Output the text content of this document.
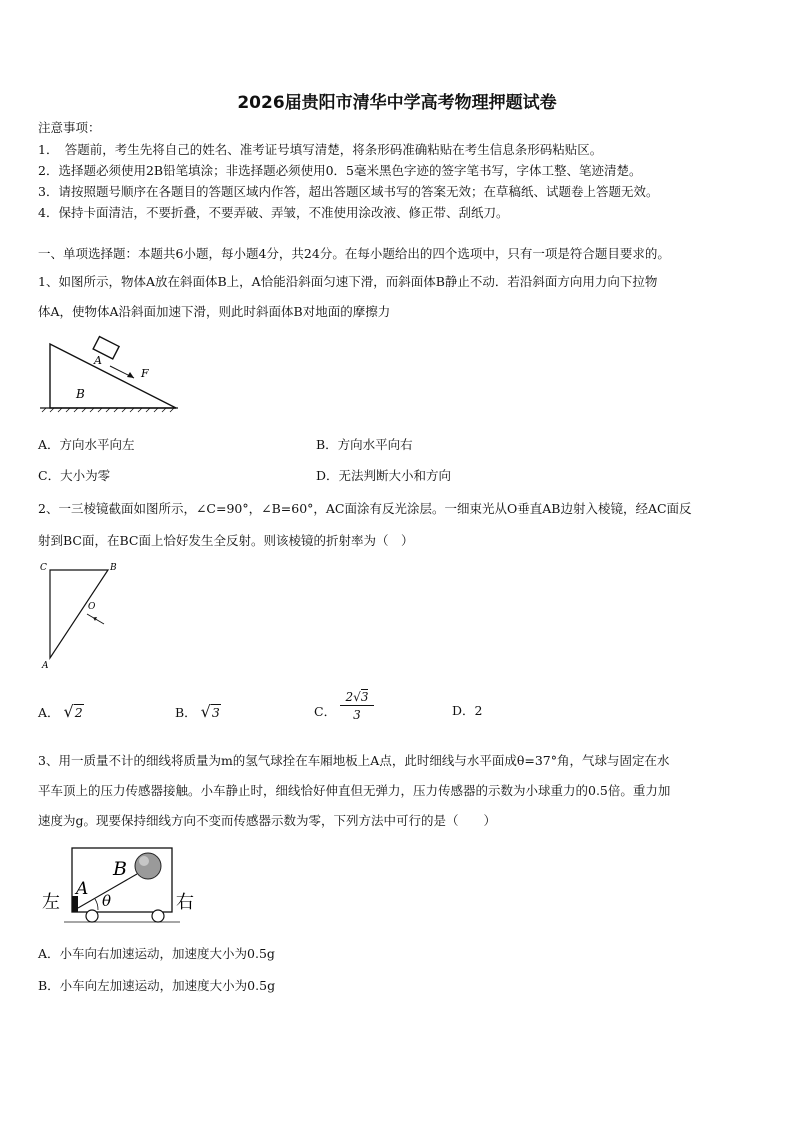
2026届贵阳市清华中学高考物理押题试卷
注意事项：
1．　答题前，考生先将自己的姓名、准考证号填写清楚，将条形码准确粘贴在考生信息条形码粘贴区。
2．选择题必须使用2B铅笔填涂；非选择题必须使用0．5毫米黑色字迹的签字笔书写，字体工整、笔迹清楚。
3．请按照题号顺序在各题目的答题区域内作答，超出答题区域书写的答案无效；在草稿纸、试题卷上答题无效。
4．保持卡面清洁，不要折叠，不要弄破、弄皱，不准使用涂改液、修正带、刮纸刀。
一、单项选择题：本题共6小题，每小题4分，共24分。在每小题给出的四个选项中，只有一项是符合题目要求的。
1、如图所示，物体A放在斜面体B上，A恰能沿斜面匀速下滑，而斜面体B静止不动．若沿斜面方向用力向下拉物
体A，使物体A沿斜面加速下滑，则此时斜面体B对地面的摩擦力
A
F
B
A．方向水平向左	B．方向水平向右
C．大小为零	D．无法判断大小和方向
2、一三棱镜截面如图所示，∠C=90°，∠B=60°，AC面涂有反光涂层。一细束光从O垂直AB边射入棱镜，经AC面反
射到BC面，在BC面上恰好发生全反射。则该棱镜的折射率为（　）
C	B
A
O
A． √2	B． √3	C．
2√3
3	D．2
3、用一质量不计的细线将质量为m的氢气球拴在车厢地板上A点，此时细线与水平面成θ=37°角，气球与固定在水
平车顶上的压力传感器接触。小车静止时，细线恰好伸直但无弹力，压力传感器的示数为小球重力的0.5倍。重力加
速度为g。现要保持细线方向不变而传感器示数为零，下列方法中可行的是（　　）
左	右
A
B
θ
A．小车向右加速运动，加速度大小为0.5g
B．小车向左加速运动，加速度大小为0.5g
